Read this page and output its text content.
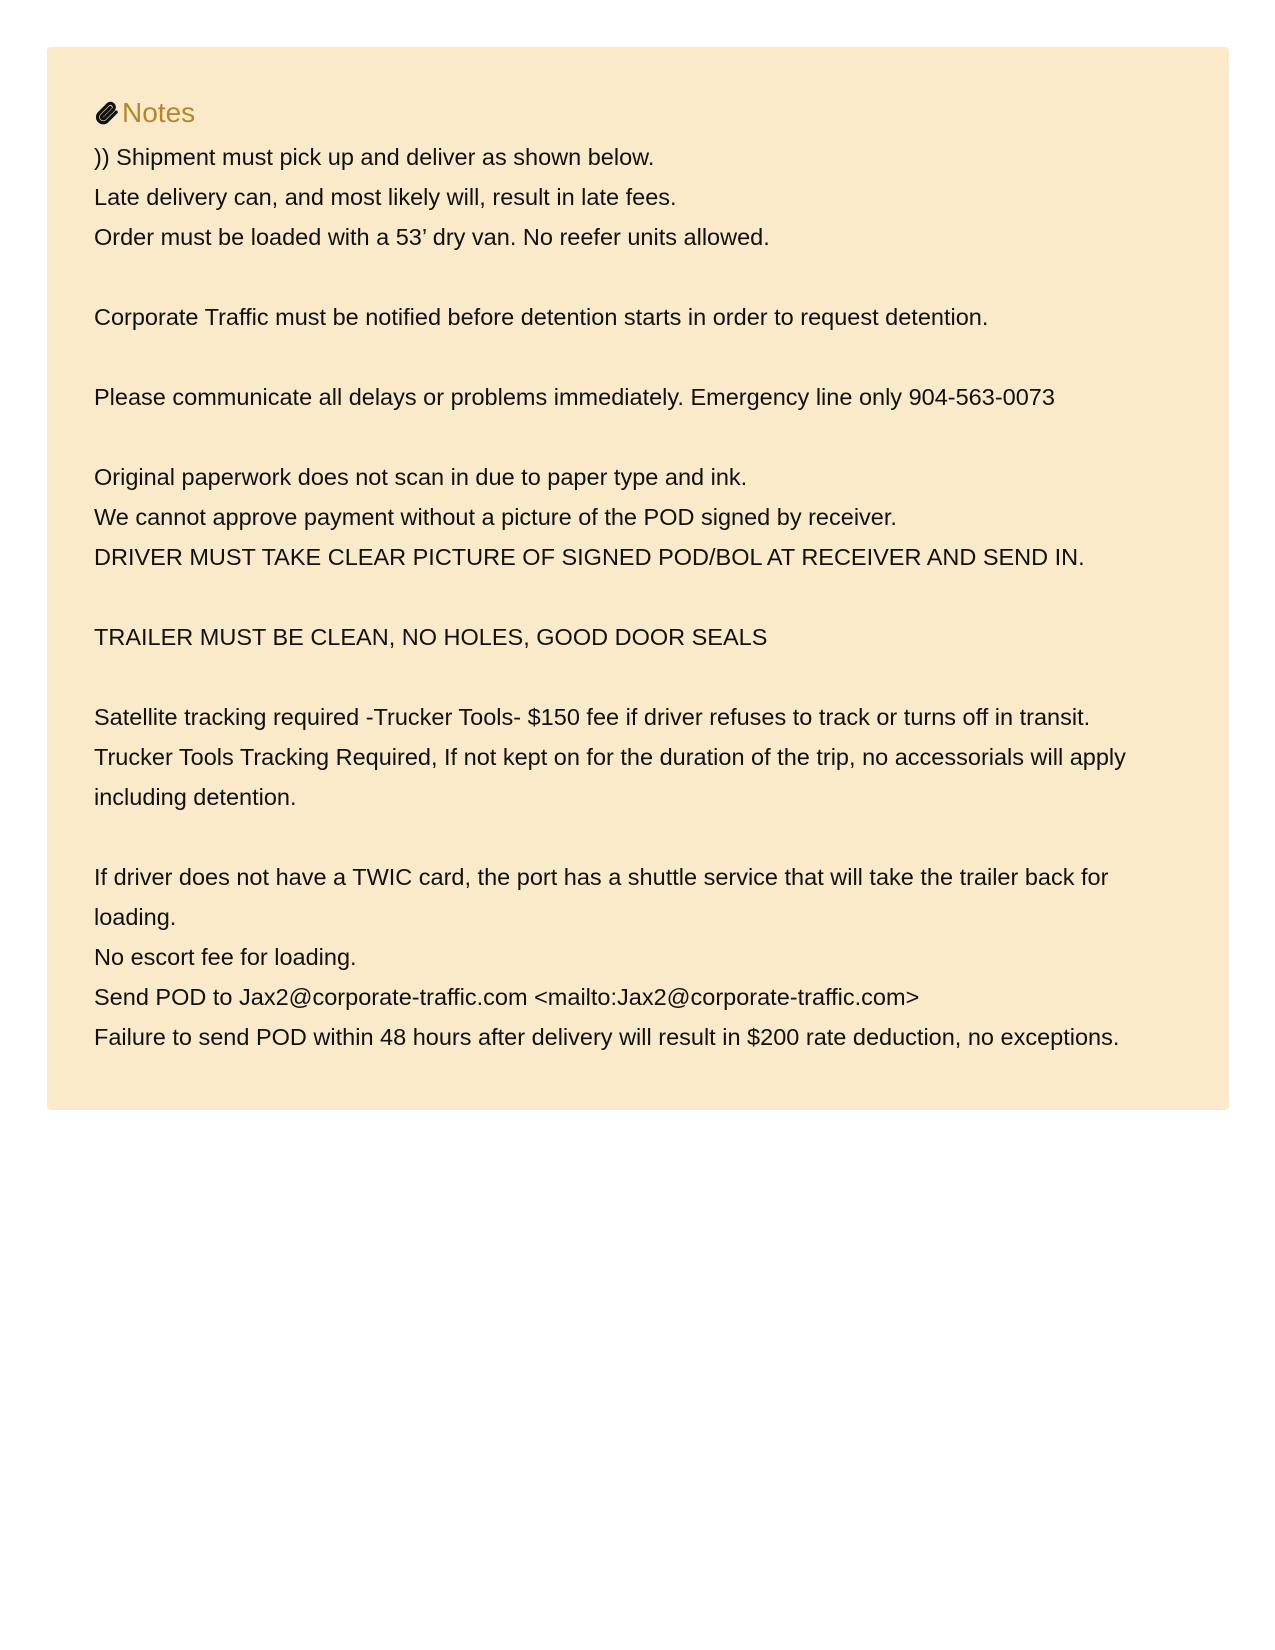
Notes
)) Shipment must pick up and deliver as shown below.
Late delivery can, and most likely will, result in late fees.
Order must be loaded with a 53’ dry van. No reefer units allowed.
Corporate Traffic must be notified before detention starts in order to request detention.
Please communicate all delays or problems immediately. Emergency line only 904-563-0073
Original paperwork does not scan in due to paper type and ink.
We cannot approve payment without a picture of the POD signed by receiver.
DRIVER MUST TAKE CLEAR PICTURE OF SIGNED POD/BOL AT RECEIVER AND SEND IN.
TRAILER MUST BE CLEAN, NO HOLES, GOOD DOOR SEALS
Satellite tracking required -Trucker Tools- $150 fee if driver refuses to track or turns off in transit.
Trucker Tools Tracking Required, If not kept on for the duration of the trip, no accessorials will apply
including detention.
If driver does not have a TWIC card, the port has a shuttle service that will take the trailer back for
loading.
No escort fee for loading.
Send POD to Jax2@corporate-traffic.com <mailto:Jax2@corporate-traffic.com>
Failure to send POD within 48 hours after delivery will result in $200 rate deduction, no exceptions.
